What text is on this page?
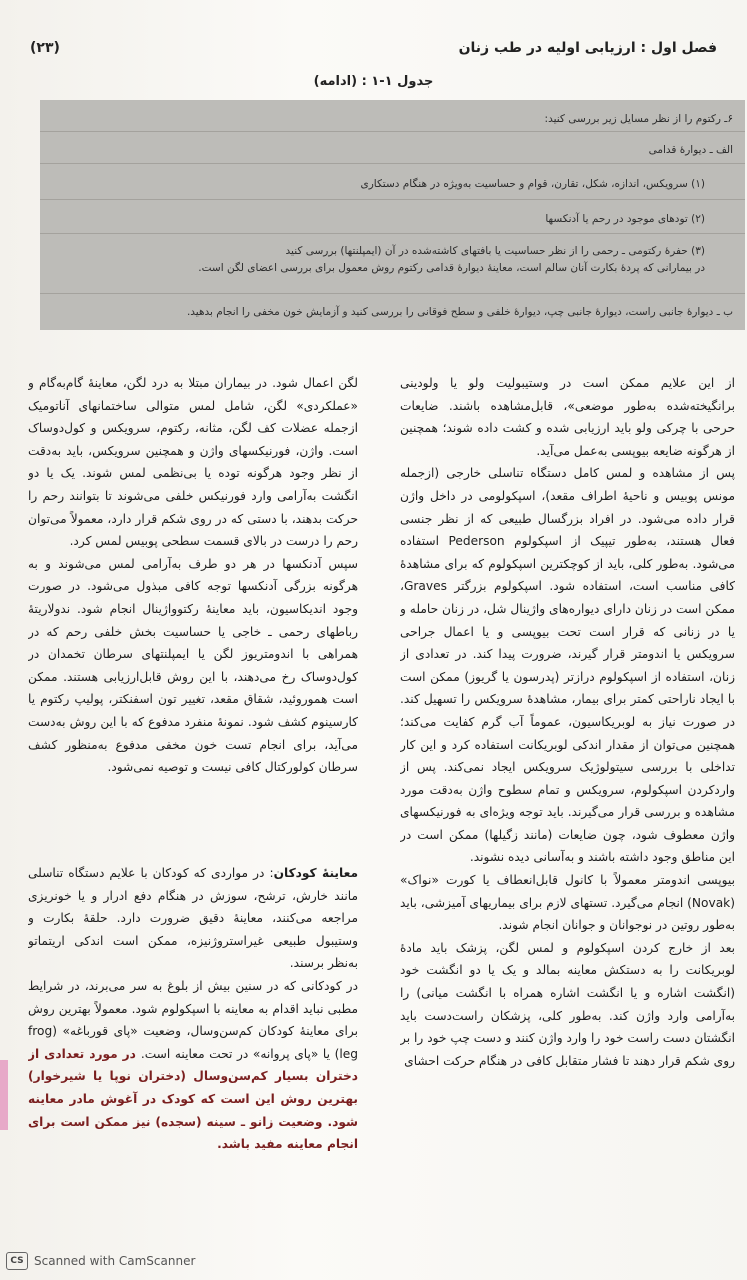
فصل اول : ارزیابی اولیه در طب زنان
(۲۳)
جدول ۱-۱ : (ادامه)
۶ـ رکتوم را از نظر مسایل زیر بررسی کنید:
الف ـ دیوارهٔ قدامی
(۱) سرویکس، اندازه، شکل، تقارن، قوام و حساسیت به‌ویژه در هنگام دستکاری
(۲) تودهای موجود در رحم یا آدنکسها
(۳) حفرهٔ رکتومی ـ رحمی را از نظر حساسیت یا بافتهای کاشته‌شده در آن (ایمپلنتها) بررسی کنید
در بیمارانی که پردهٔ بکارت آنان سالم است، معاینهٔ دیوارهٔ قدامی رکتوم روش معمول برای بررسی اعضای لگن است.
ب ـ دیوارهٔ جانبی راست، دیوارهٔ جانبی چپ، دیوارهٔ خلفی و سطح فوقانی را بررسی کنید و آزمایش خون مخفی را انجام بدهید.

از این علایم ممکن است در وستیبولیت ولو یا ولودینی برانگیخته‌شده به‌طور موضعی»، قابل‌مشاهده باشند. ضایعات حرحی با چرکی ولو باید ارزیابی شده و کشت داده شوند؛ همچنین از هرگونه ضایعه بیوپسی به‌عمل می‌آید.

پس از مشاهده و لمس کامل دستگاه تناسلی خارجی (ازجمله مونس پوبیس و ناحیهٔ اطراف مقعد)، اسپکولومی در داخل واژن قرار داده می‌شود. در افراد بزرگسال طبیعی که از نظر جنسی فعال هستند، به‌طور تیپیک از اسپکولوم Pederson استفاده می‌شود. به‌طور کلی، باید از کوچکترین اسپکولوم که برای مشاهدهٔ کافی مناسب است، استفاده شود. اسپکولوم بزرگتر Graves، ممکن است در زنان دارای دیواره‌های واژینال شل، در زنان حامله و یا در زنانی که قرار است تحت بیوپسی و یا اعمال جراحی سرویکس یا اندومتر قرار گیرند، ضرورت پیدا کند. در تعدادی از زنان، استفاده از اسپکولوم درازتر (پدرسون یا گریوز) ممکن است با ایجاد ناراحتی کمتر برای بیمار، مشاهدهٔ سرویکس را تسهیل کند. در صورت نیاز به لوبریکاسیون، عموماً آب گرم کفایت می‌کند؛ همچنین می‌توان از مقدار اندکی لوبریکانت استفاده کرد و این کار تداخلی با بررسی سیتولوژیک سرویکس ایجاد نمی‌کند. پس از واردکردن اسپکولوم، سرویکس و تمام سطوح واژن به‌دقت مورد مشاهده و بررسی قرار می‌گیرند. باید توجه ویژه‌ای به فورنیکسهای واژن معطوف شود، چون ضایعات (مانند زگیلها) ممکن است در این مناطق وجود داشته باشند و به‌آسانی دیده نشوند.

بیوپسی اندومتر معمولاً با کانول قابل‌انعطاف یا کورت «نواک» (Novak) انجام می‌گیرد. تستهای لازم برای بیماریهای آمیزشی، باید به‌طور روتین در نوجوانان و جوانان انجام شوند.

بعد از خارج کردن اسپکولوم و لمس لگن، پزشک باید مادهٔ لوبریکانت را به دستکش معاینه بمالد و یک یا دو انگشت خود (انگشت اشاره و یا انگشت اشاره همراه با انگشت میانی) را به‌آرامی وارد واژن کند. به‌طور کلی، پزشکان راست‌دست باید انگشتان دست راست خود را وارد واژن کنند و دست چپ خود را بر روی شکم قرار دهند تا فشار متقابل کافی در هنگام حرکت احشای

لگن اعمال شود. در بیماران مبتلا به درد لگن، معاینهٔ گام‌به‌گام و «عملکردی» لگن، شامل لمس متوالی ساختمانهای آناتومیک ازجمله عضلات کف لگن، مثانه، رکتوم، سرویکس و کول‌دوساک است. واژن، فورنیکسهای واژن و همچنین سرویکس، باید به‌دقت از نظر وجود هرگونه توده یا بی‌نظمی لمس شوند. یک یا دو انگشت به‌آرامی وارد فورنیکس خلفی می‌شوند تا بتوانند رحم را حرکت بدهند، با دستی که در روی شکم قرار دارد، معمولاً می‌توان رحم را درست در بالای قسمت سطحی پوبیس لمس کرد.

سپس آدنکسها در هر دو طرف به‌آرامی لمس می‌شوند و به هرگونه بزرگی آدنکسها توجه کافی مبذول می‌شود. در صورت وجود اندیکاسیون، باید معاینهٔ رکتوواژینال انجام شود. ندولاریتهٔ رباطهای رحمی ـ خاجی یا حساسیت بخش خلفی رحم که در همراهی با اندومتریوز لگن یا ایمپلنتهای سرطان تخمدان در کول‌دوساک رخ می‌دهند، با این روش قابل‌ارزیابی هستند. ممکن است هموروئید، شقاق مقعد، تغییر تون اسفنکتر، پولیپ رکتوم یا کارسینوم کشف شود. نمونهٔ منفرد مدفوع که با این روش به‌دست می‌آید، برای انجام تست خون مخفی مدفوع به‌منظور کشف سرطان کولورکتال کافی نیست و توصیه نمی‌شود.

معاینهٔ کودکان: در مواردی که کودکان با علایم دستگاه تناسلی مانند خارش، ترشح، سوزش در هنگام دفع ادرار و یا خونریزی مراجعه می‌کنند، معاینهٔ دقیق ضرورت دارد. حلقهٔ بکارت و وستیبول طبیعی غیراستروژنیزه، ممکن است اندکی اریتماتو به‌نظر برسند.

در کودکانی که در سنین بیش از بلوغ به سر می‌برند، در شرایط مطبی نباید اقدام به معاینه با اسپکولوم شود. معمولاً بهترین روش برای معاینهٔ کودکان کم‌سن‌وسال، وضعیت «پای قورباغه» (frog leg) یا «پای پروانه» در تحت معاینه است. در مورد تعدادی از دختران بسیار کم‌سن‌وسال (دختران نوپا یا شیرخوار) بهترین روش این است که کودک در آغوش مادر معاینه شود. وضعیت زانو ـ سینه (سجده) نیز ممکن است برای انجام معاینه مفید باشد.

CS Scanned with CamScanner
